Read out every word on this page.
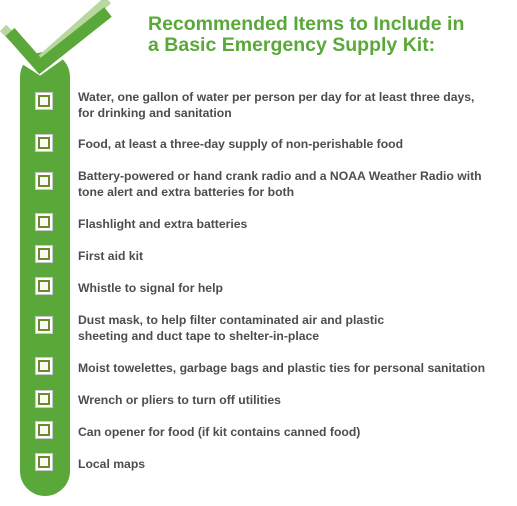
Recommended Items to Include in
a Basic Emergency Supply Kit:
Water, one gallon of water per person per day for at least three days,
for drinking and sanitation
Food, at least a three-day supply of non-perishable food
Battery-powered or hand crank radio and a NOAA Weather Radio with
tone alert and extra batteries for both
Flashlight and extra batteries
First aid kit
Whistle to signal for help
Dust mask, to help filter contaminated air and plastic
sheeting and duct tape to shelter-in-place
Moist towelettes, garbage bags and plastic ties for personal sanitation
Wrench or pliers to turn off utilities
Can opener for food (if kit contains canned food)
Local maps
